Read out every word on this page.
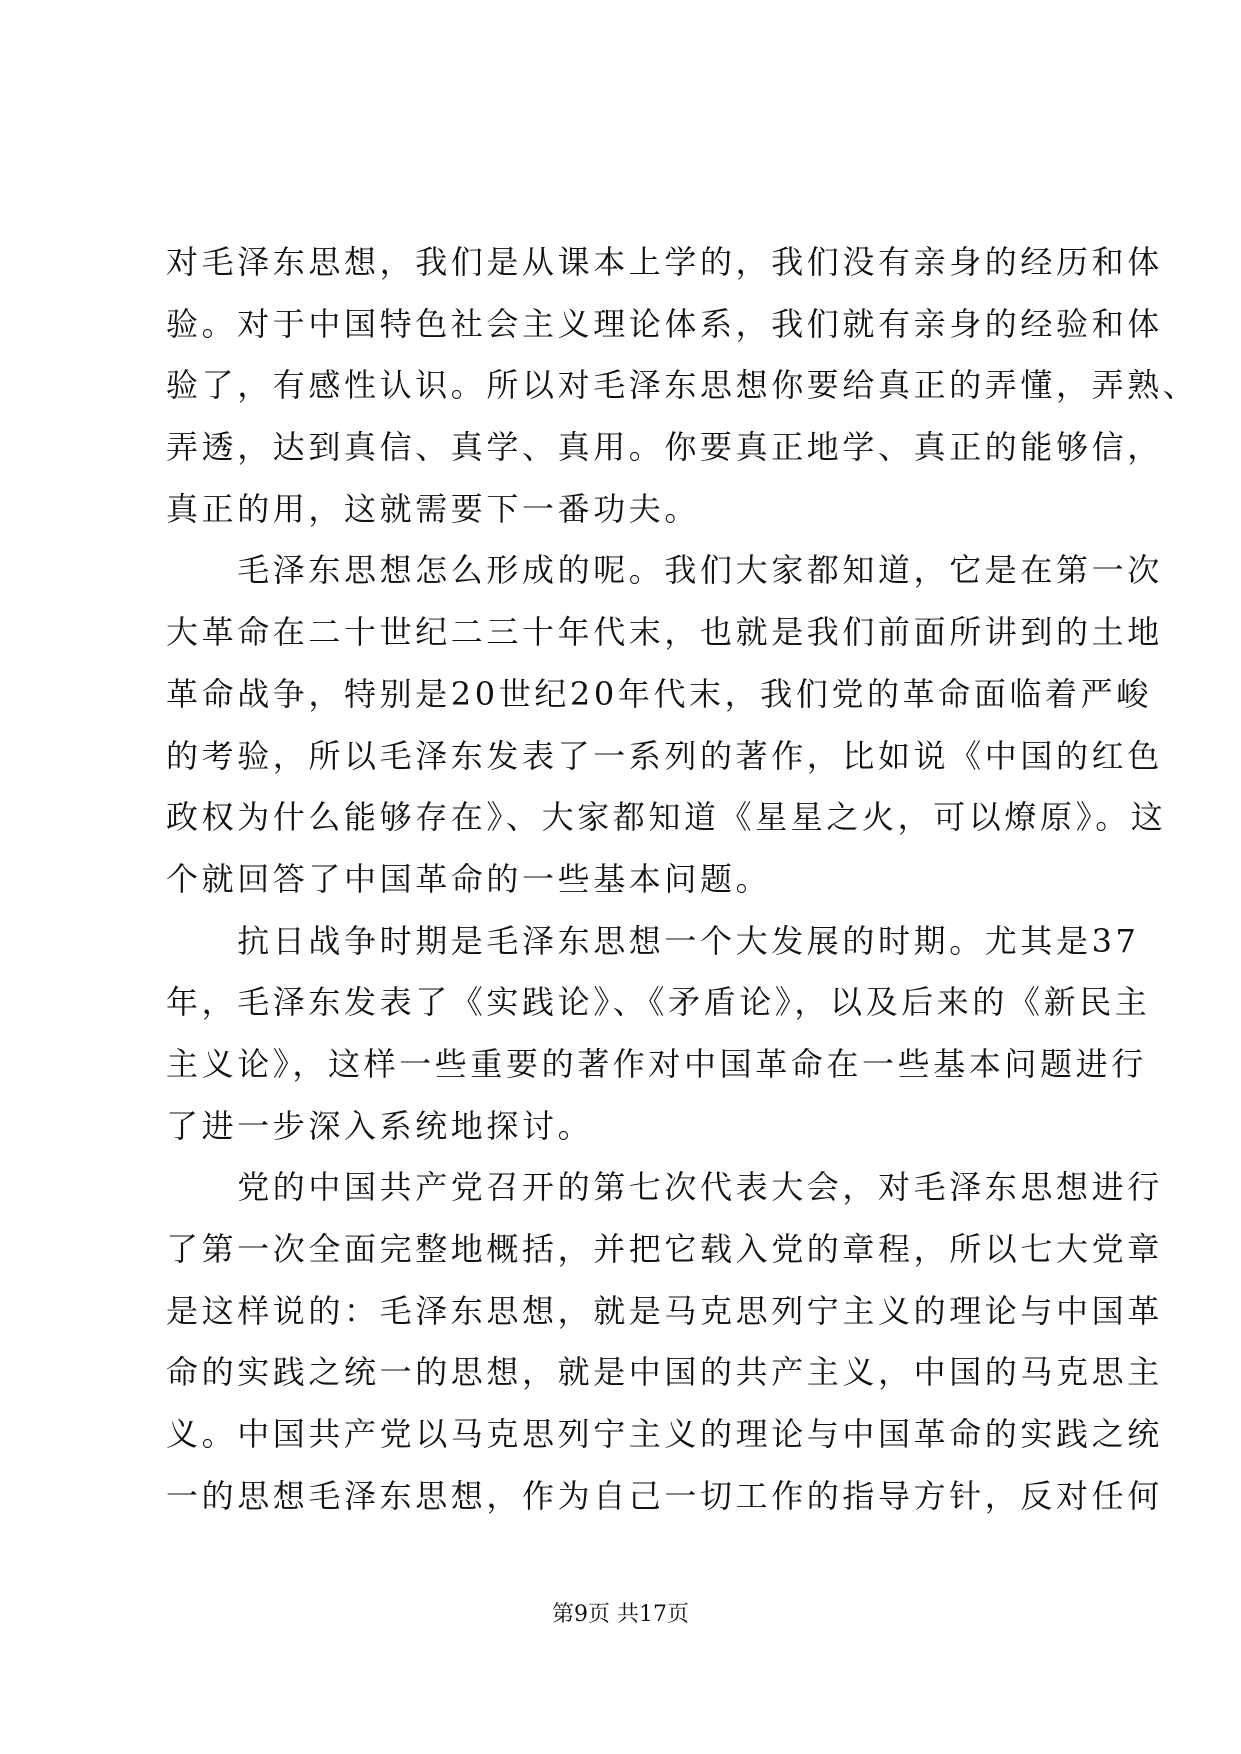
对毛泽东思想，我们是从课本上学的，我们没有亲身的经历和体
验。对于中国特色社会主义理论体系，我们就有亲身的经验和体
验了，有感性认识。所以对毛泽东思想你要给真正的弄懂，弄熟、
弄透，达到真信、真学、真用。你要真正地学、真正的能够信，
真正的用，这就需要下一番功夫。
　　毛泽东思想怎么形成的呢。我们大家都知道，它是在第一次
大革命在二十世纪二三十年代末，也就是我们前面所讲到的土地
革命战争，特别是20世纪20年代末，我们党的革命面临着严峻
的考验，所以毛泽东发表了一系列的著作，比如说《中国的红色
政权为什么能够存在》、大家都知道《星星之火，可以燎原》。这
个就回答了中国革命的一些基本问题。
　　抗日战争时期是毛泽东思想一个大发展的时期。尤其是37
年，毛泽东发表了《实践论》、《矛盾论》，以及后来的《新民主
主义论》，这样一些重要的著作对中国革命在一些基本问题进行
了进一步深入系统地探讨。
　　党的中国共产党召开的第七次代表大会，对毛泽东思想进行
了第一次全面完整地概括，并把它载入党的章程，所以七大党章
是这样说的：毛泽东思想，就是马克思列宁主义的理论与中国革
命的实践之统一的思想，就是中国的共产主义，中国的马克思主
义。中国共产党以马克思列宁主义的理论与中国革命的实践之统
一的思想毛泽东思想，作为自己一切工作的指导方针，反对任何
第9页 共17页
